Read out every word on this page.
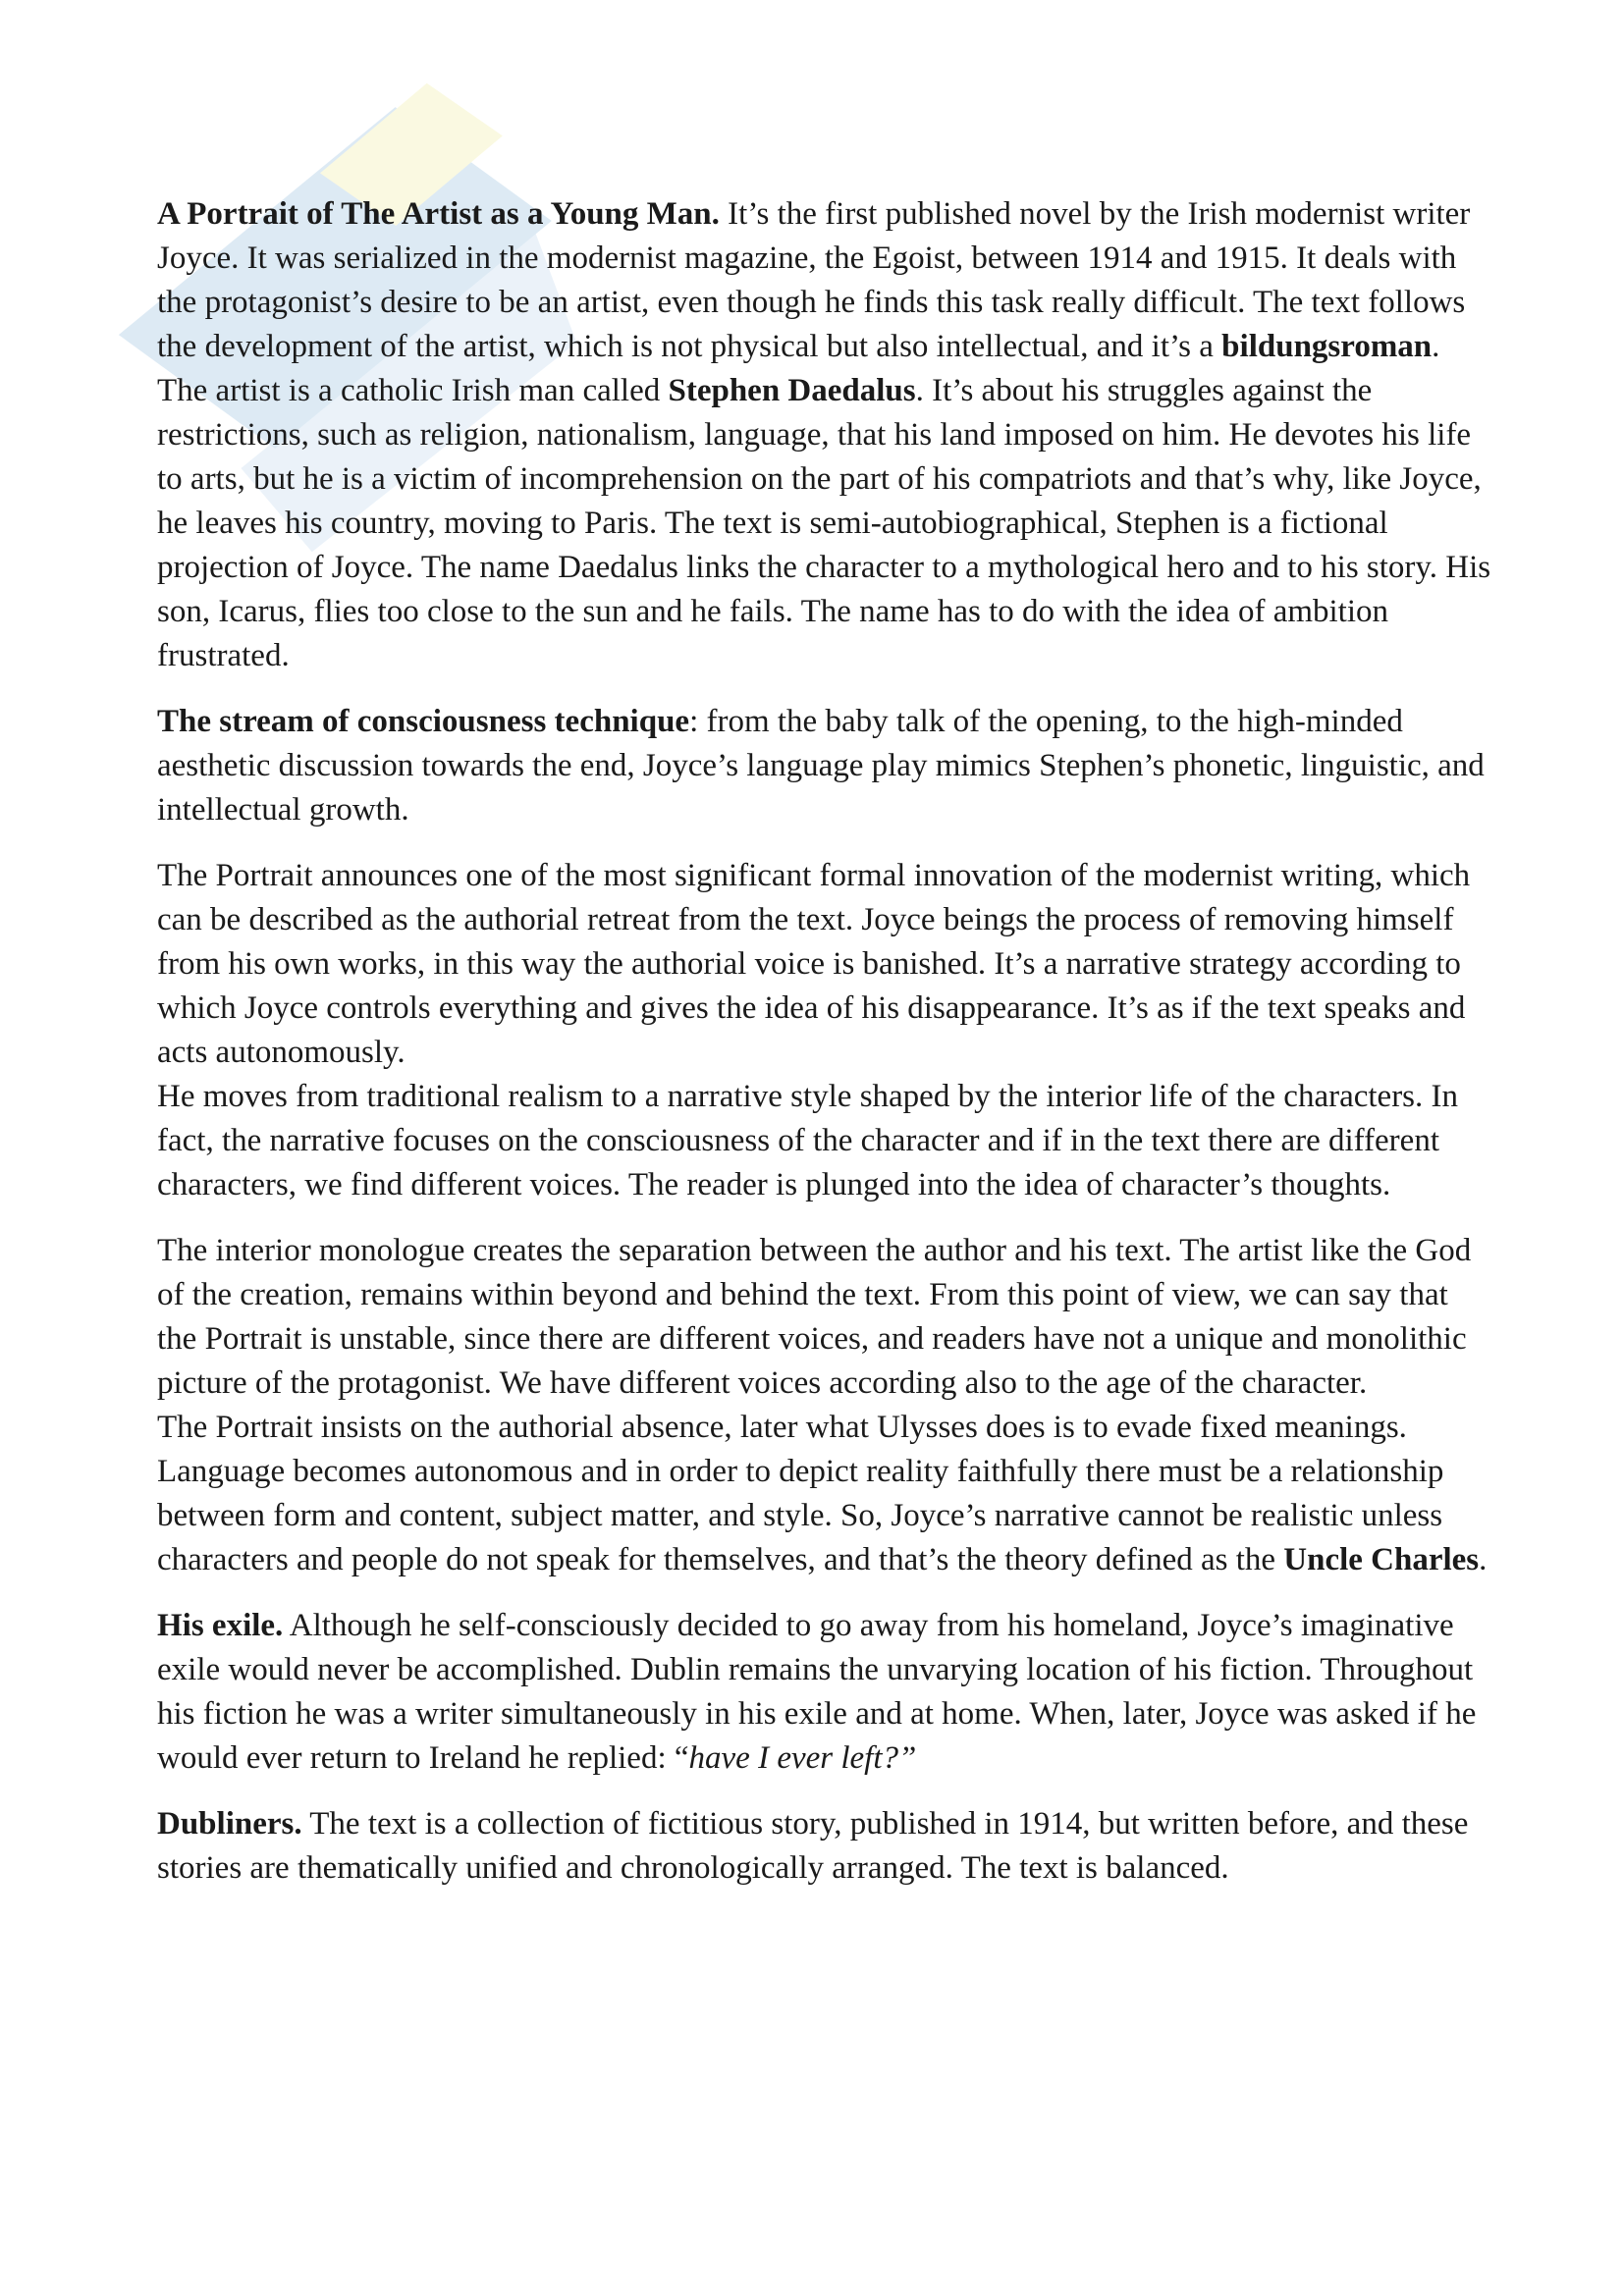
A Portrait of The Artist as a Young Man. It’s the first published novel by the Irish modernist writer Joyce. It was serialized in the modernist magazine, the Egoist, between 1914 and 1915. It deals with the protagonist’s desire to be an artist, even though he finds this task really difficult. The text follows the development of the artist, which is not physical but also intellectual, and it’s a bildungsroman. The artist is a catholic Irish man called Stephen Daedalus. It’s about his struggles against the restrictions, such as religion, nationalism, language, that his land imposed on him. He devotes his life to arts, but he is a victim of incomprehension on the part of his compatriots and that’s why, like Joyce, he leaves his country, moving to Paris. The text is semi-autobiographical, Stephen is a fictional projection of Joyce. The name Daedalus links the character to a mythological hero and to his story. His son, Icarus, flies too close to the sun and he fails. The name has to do with the idea of ambition frustrated.

The stream of consciousness technique: from the baby talk of the opening, to the high-minded aesthetic discussion towards the end, Joyce’s language play mimics Stephen’s phonetic, linguistic, and intellectual growth.

The Portrait announces one of the most significant formal innovation of the modernist writing, which can be described as the authorial retreat from the text. Joyce beings the process of removing himself from his own works, in this way the authorial voice is banished. It’s a narrative strategy according to which Joyce controls everything and gives the idea of his disappearance. It’s as if the text speaks and acts autonomously.

He moves from traditional realism to a narrative style shaped by the interior life of the characters. In fact, the narrative focuses on the consciousness of the character and if in the text there are different characters, we find different voices. The reader is plunged into the idea of character’s thoughts.

The interior monologue creates the separation between the author and his text. The artist like the God of the creation, remains within beyond and behind the text. From this point of view, we can say that the Portrait is unstable, since there are different voices, and readers have not a unique and monolithic picture of the protagonist. We have different voices according also to the age of the character.

The Portrait insists on the authorial absence, later what Ulysses does is to evade fixed meanings. Language becomes autonomous and in order to depict reality faithfully there must be a relationship between form and content, subject matter, and style. So, Joyce’s narrative cannot be realistic unless characters and people do not speak for themselves, and that’s the theory defined as the Uncle Charles.

His exile. Although he self-consciously decided to go away from his homeland, Joyce’s imaginative exile would never be accomplished. Dublin remains the unvarying location of his fiction. Throughout his fiction he was a writer simultaneously in his exile and at home. When, later, Joyce was asked if he would ever return to Ireland he replied: “have I ever left?”

Dubliners. The text is a collection of fictitious story, published in 1914, but written before, and these stories are thematically unified and chronologically arranged. The text is balanced.
